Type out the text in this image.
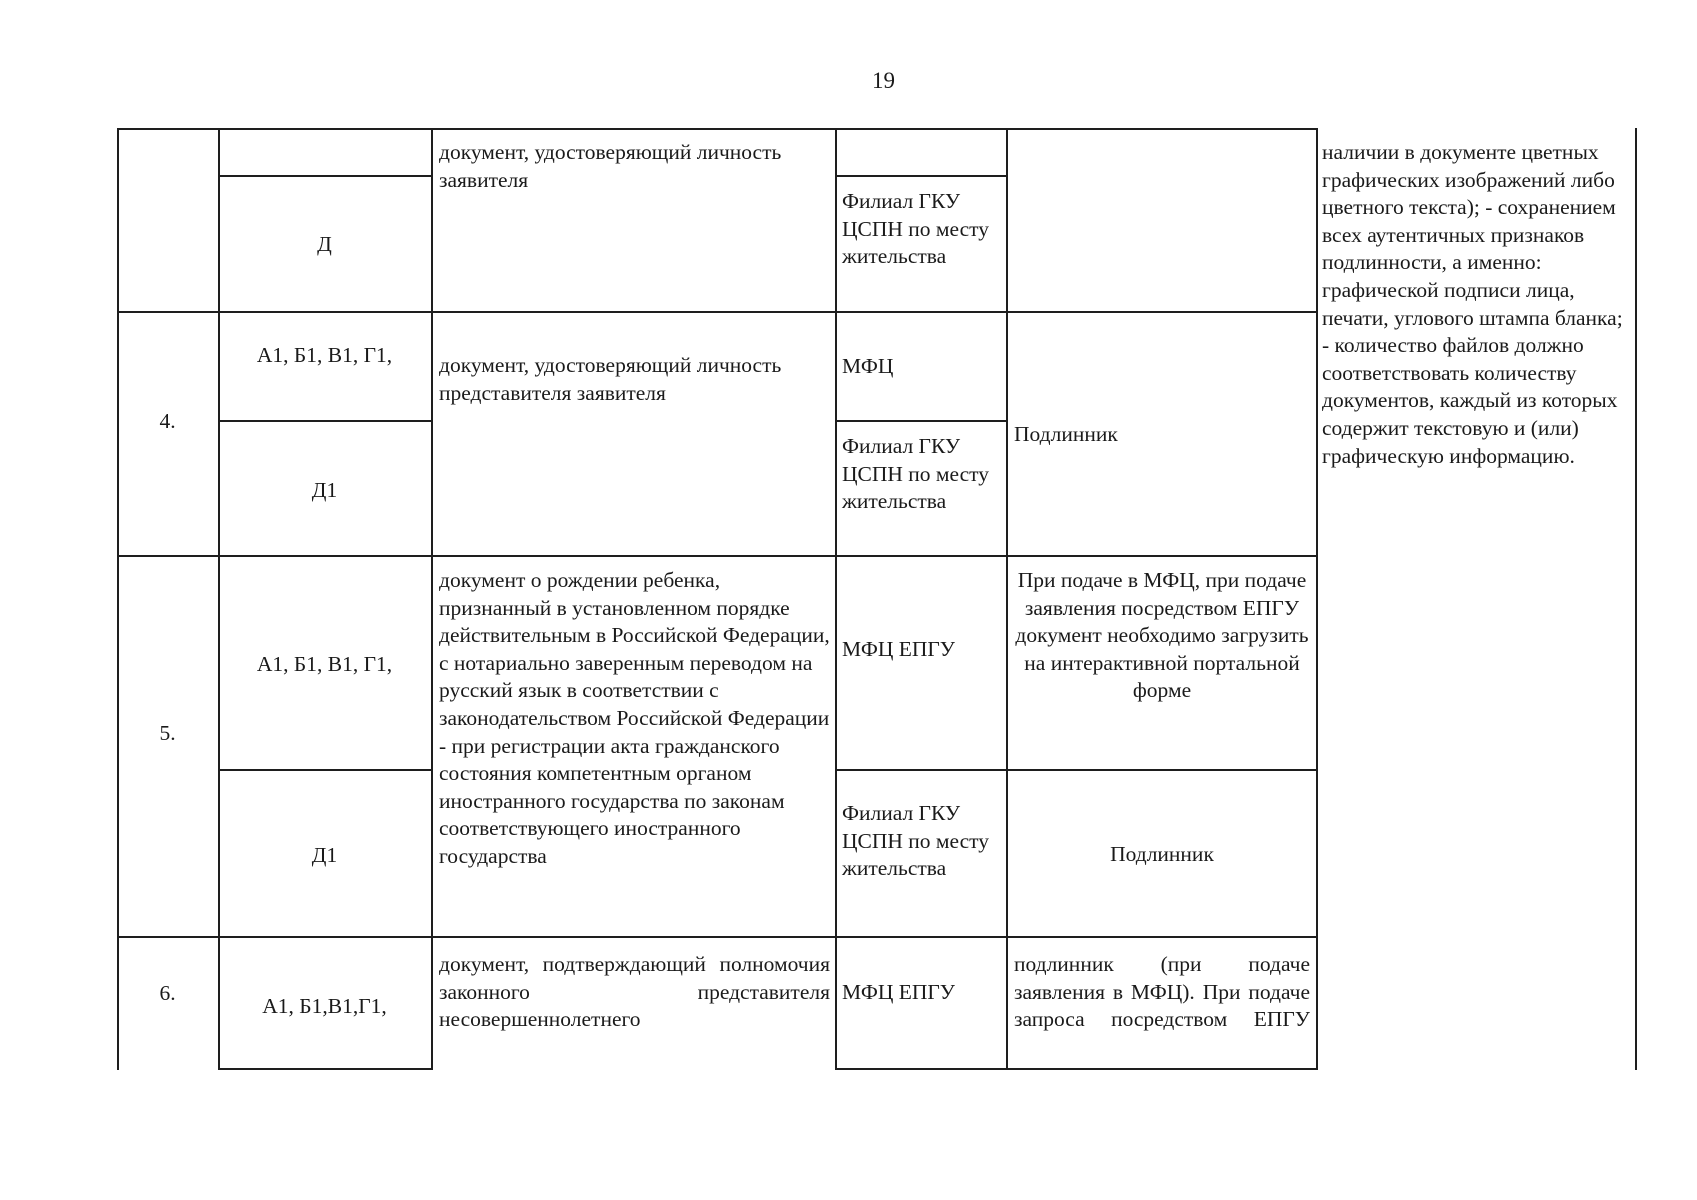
19
Д
документ, удостоверяющий личность заявителя
Филиал ГКУ ЦСПН по месту жительства
4.
А1, Б1, В1, Г1,
Д1
документ, удостоверяющий личность представителя заявителя
МФЦ
Филиал ГКУ ЦСПН по месту жительства
Подлинник
5.
А1, Б1, В1, Г1,
Д1
документ о рождении ребенка, признанный в установленном порядке действительным в Российской Федерации, с нотариально заверенным переводом на русский язык в соответствии с законодательством Российской Федерации - при регистрации акта гражданского состояния компетентным органом иностранного государства по законам соответствующего иностранного государства
МФЦ ЕПГУ
Филиал ГКУ ЦСПН по месту жительства
При подаче в МФЦ, при подаче заявления посредством ЕПГУ документ необходимо загрузить на интерактивной портальной форме
Подлинник
6.
А1, Б1,В1,Г1,
документ, подтверждающий полномочия законного представителя несовершеннолетнего
МФЦ ЕПГУ
подлинник (при подаче заявления в МФЦ). При подаче запроса посредством ЕПГУ
наличии в документе цветных графических изображений либо цветного текста); - сохранением всех аутентичных признаков подлинности, а именно: графической подписи лица, печати, углового штампа бланка; - количество файлов должно соответствовать количеству документов, каждый из которых содержит текстовую и (или) графическую информацию.
